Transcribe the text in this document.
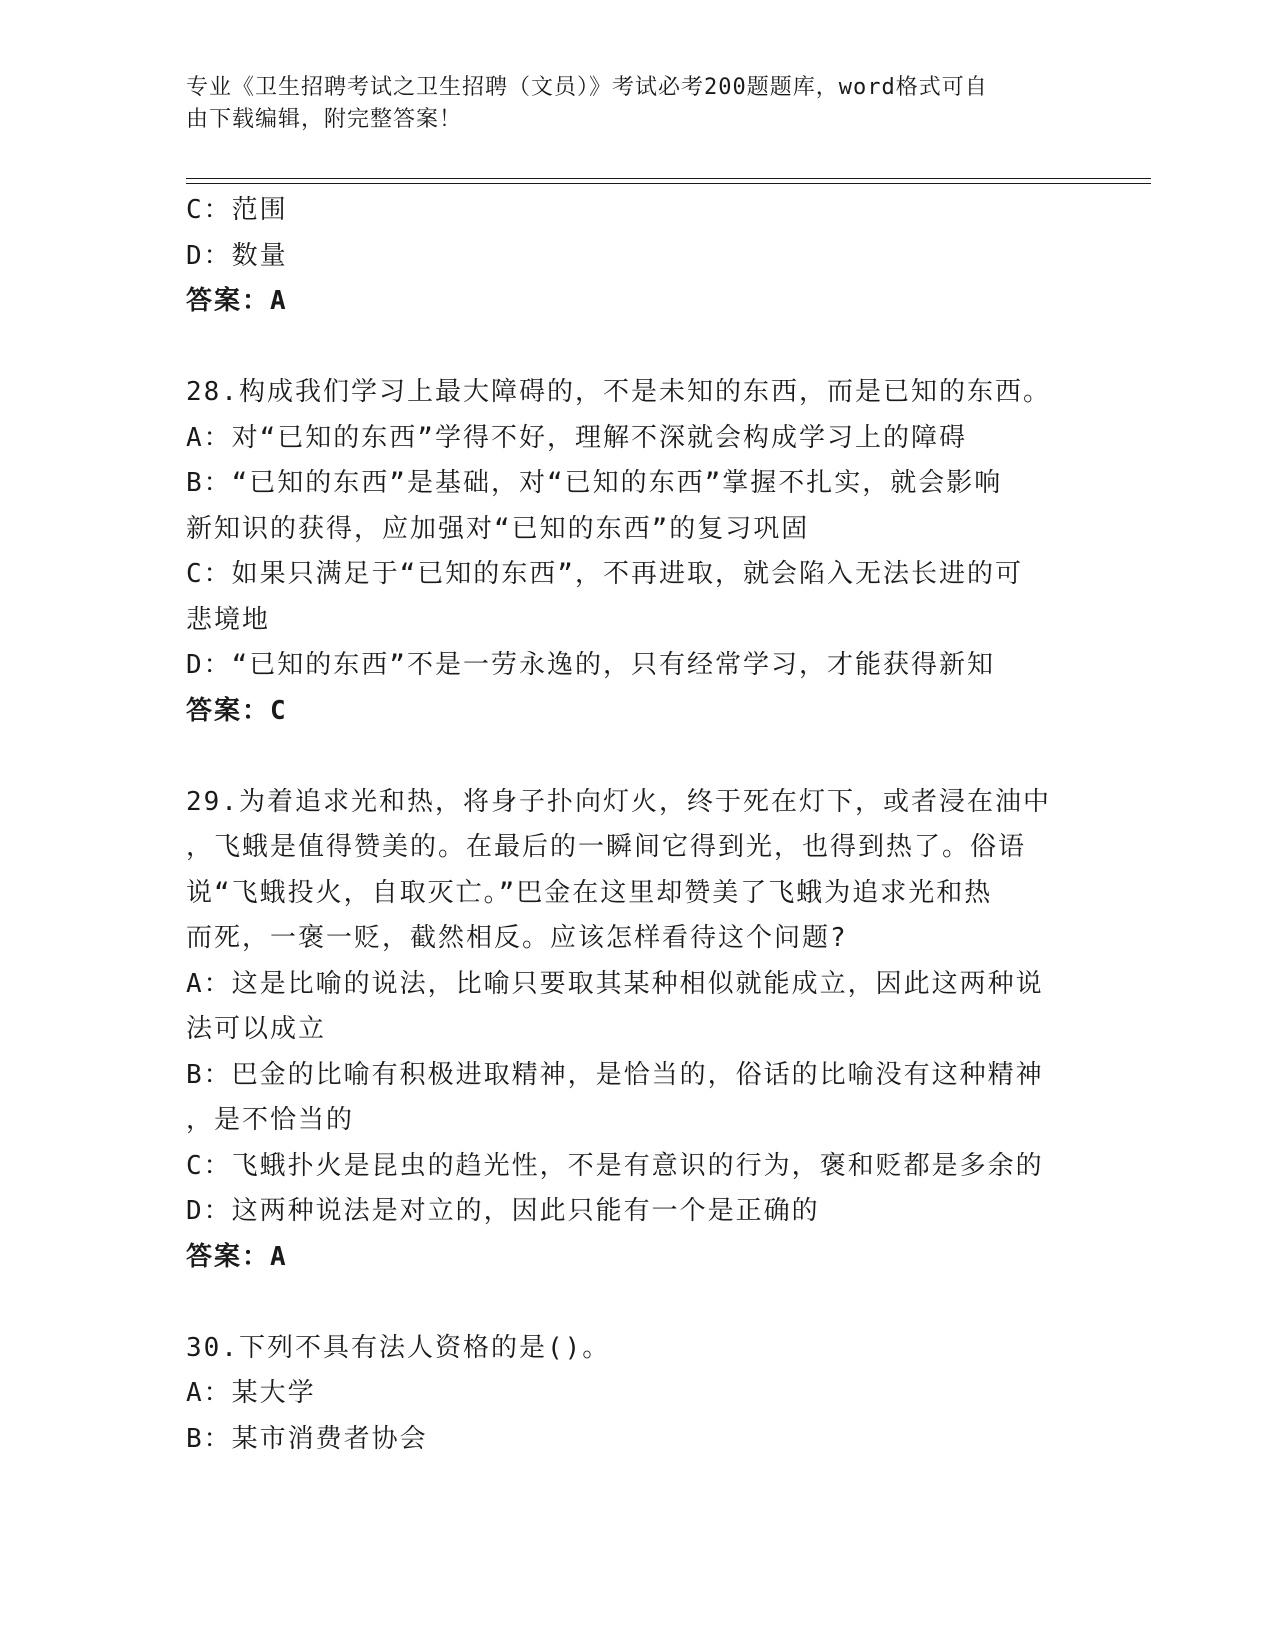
专业《卫生招聘考试之卫生招聘（文员）》考试必考200题题库，word格式可自
由下载编辑，附完整答案！
C：范围
D：数量
答案：A
28.构成我们学习上最大障碍的，不是未知的东西，而是已知的东西。
A：对“已知的东西”学得不好，理解不深就会构成学习上的障碍
B：“已知的东西”是基础，对“已知的东西”掌握不扎实，就会影响
新知识的获得，应加强对“已知的东西”的复习巩固
C：如果只满足于“已知的东西”，不再进取，就会陷入无法长进的可
悲境地
D：“已知的东西”不是一劳永逸的，只有经常学习，才能获得新知
答案：C
29.为着追求光和热，将身子扑向灯火，终于死在灯下，或者浸在油中
，飞蛾是值得赞美的。在最后的一瞬间它得到光，也得到热了。俗语
说“飞蛾投火，自取灭亡。”巴金在这里却赞美了飞蛾为追求光和热
而死，一褒一贬，截然相反。应该怎样看待这个问题?
A：这是比喻的说法，比喻只要取其某种相似就能成立，因此这两种说
法可以成立
B：巴金的比喻有积极进取精神，是恰当的，俗话的比喻没有这种精神
，是不恰当的
C：飞蛾扑火是昆虫的趋光性，不是有意识的行为，褒和贬都是多余的
D：这两种说法是对立的，因此只能有一个是正确的
答案：A
30.下列不具有法人资格的是()。
A：某大学
B：某市消费者协会
